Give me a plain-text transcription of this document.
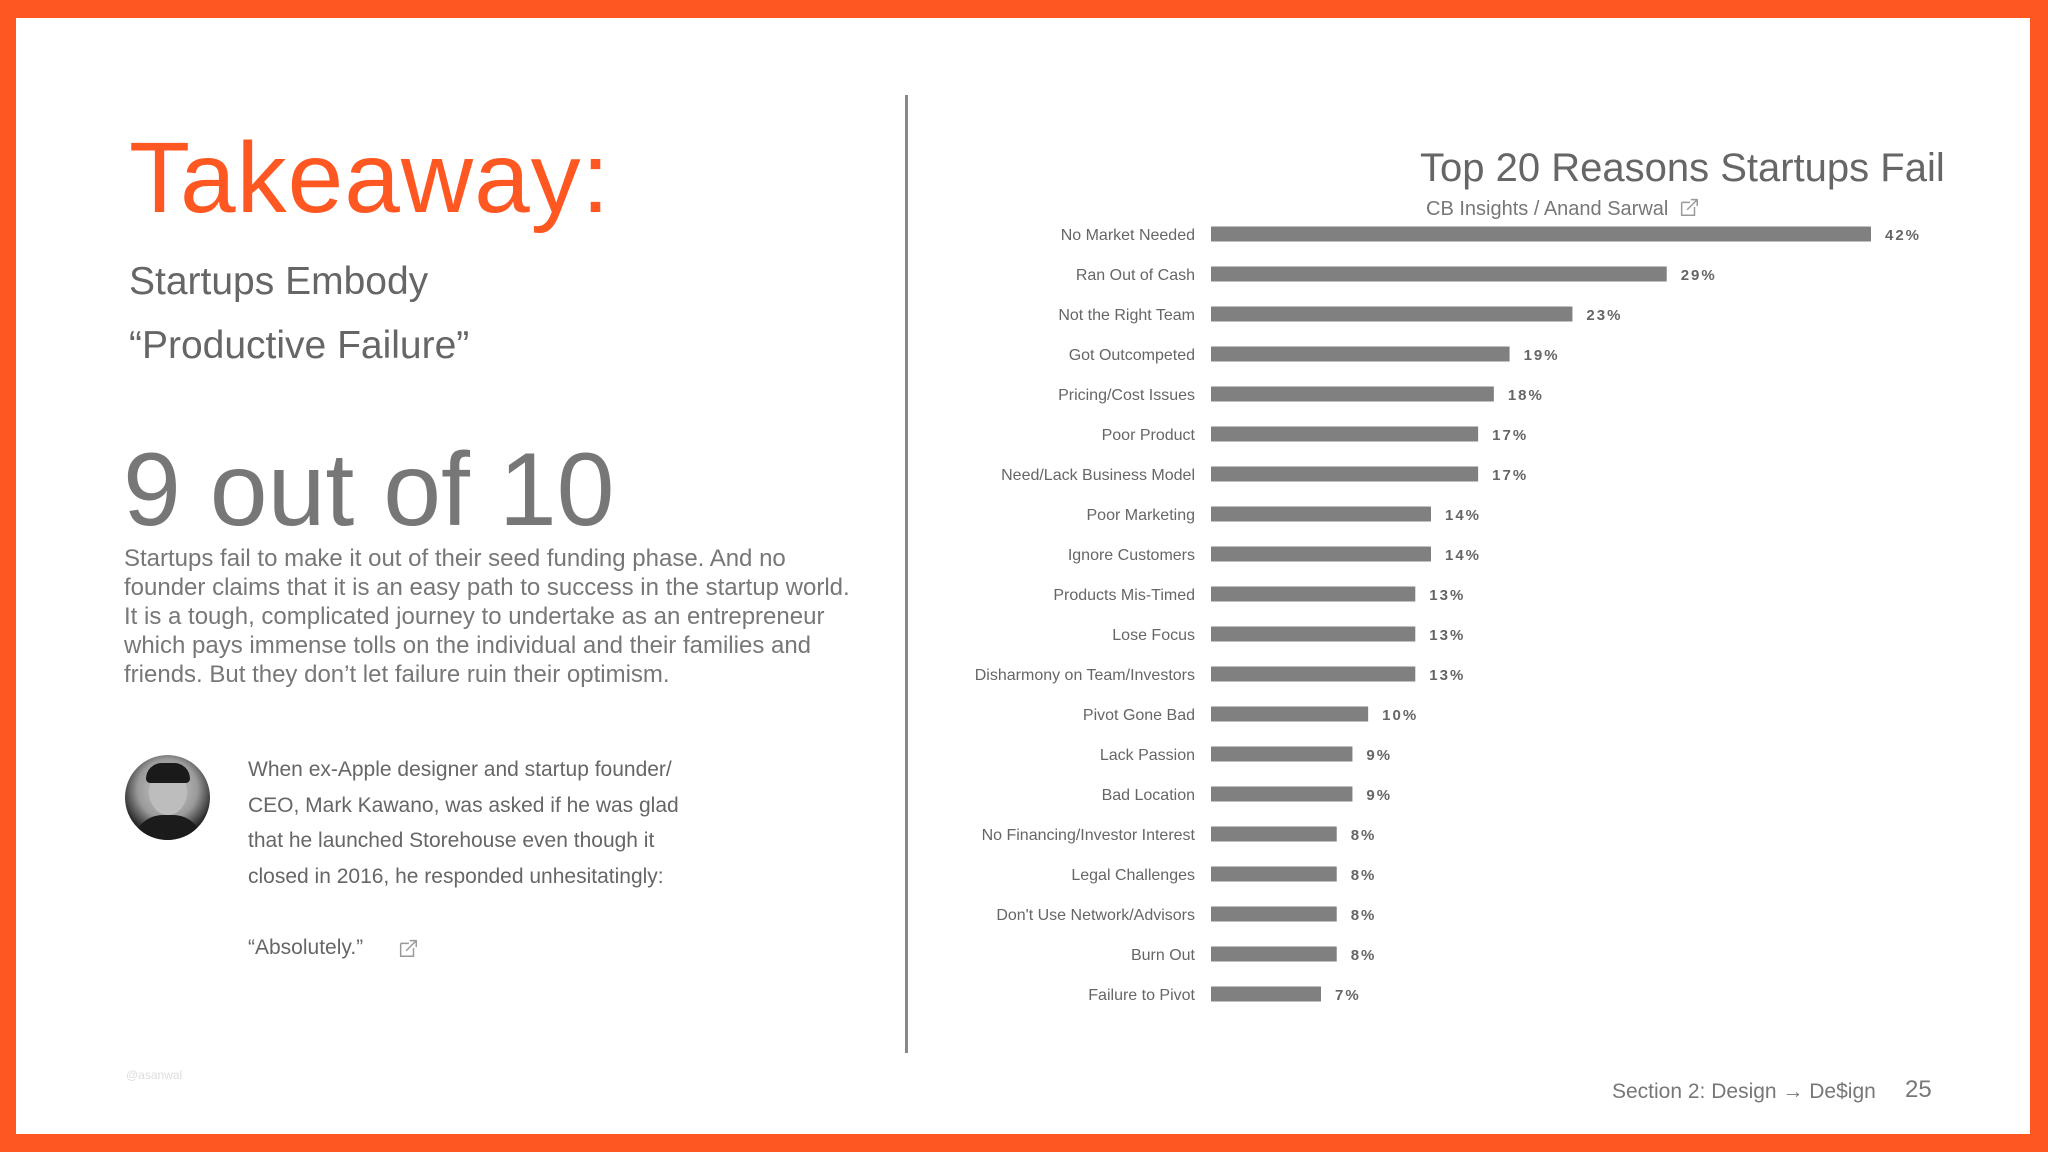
Takeaway:
Startups Embody
“Productive Failure”
9 out of 10
Startups fail to make it out of their seed funding phase. And no founder claims that it is an easy path to success in the startup world. It is a tough, complicated journey to undertake as an entrepreneur which pays immense tolls on the individual and their families and friends. But they don’t let failure ruin their optimism.
When ex-Apple designer and startup founder/ CEO, Mark Kawano, was asked if he was glad that he launched Storehouse even though it closed in 2016, he responded unhesitatingly:
“Absolutely.”
@asanwal
Top 20 Reasons Startups Fail
CB Insights / Anand Sarwal
No Market Needed	42%
Ran Out of Cash	29%
Not the Right Team	23%
Got Outcompeted	19%
Pricing/Cost Issues	18%
Poor Product	17%
Need/Lack Business Model	17%
Poor Marketing	14%
Ignore Customers	14%
Products Mis-Timed	13%
Lose Focus	13%
Disharmony on Team/Investors	13%
Pivot Gone Bad	10%
Lack Passion	9%
Bad Location	9%
No Financing/Investor Interest	8%
Legal Challenges	8%
Don't Use Network/Advisors	8%
Burn Out	8%
Failure to Pivot	7%
Section 2: Design → De$ign 25
